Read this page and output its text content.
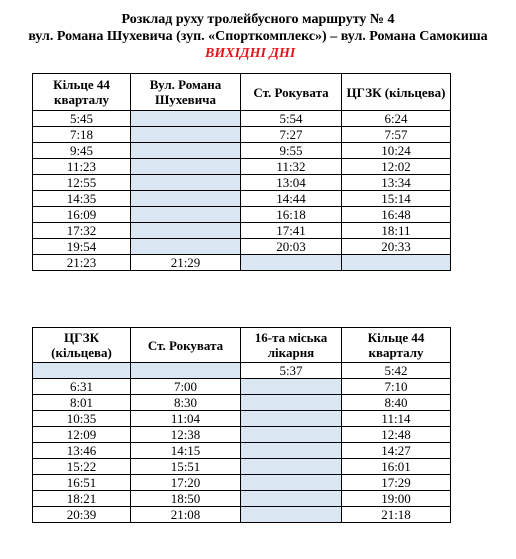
Розклад руху тролейбусного маршруту № 4
вул. Романа Шухевича (зуп. «Спорткомплекс») – вул. Романа Самокиша
ВИХІДНІ ДНІ
Кільце 44 кварталу	Вул. Романа Шухевича	Ст. Рокувата	ЦГЗК (кільцева)
5:45		5:54	6:24
7:18		7:27	7:57
9:45		9:55	10:24
11:23		11:32	12:02
12:55		13:04	13:34
14:35		14:44	15:14
16:09		16:18	16:48
17:32		17:41	18:11
19:54		20:03	20:33
21:23	21:29		
ЦГЗК (кільцева)	Ст. Рокувата	16-та міська лікарня	Кільце 44 кварталу
		5:37	5:42
6:31	7:00		7:10
8:01	8:30		8:40
10:35	11:04		11:14
12:09	12:38		12:48
13:46	14:15		14:27
15:22	15:51		16:01
16:51	17:20		17:29
18:21	18:50		19:00
20:39	21:08		21:18
